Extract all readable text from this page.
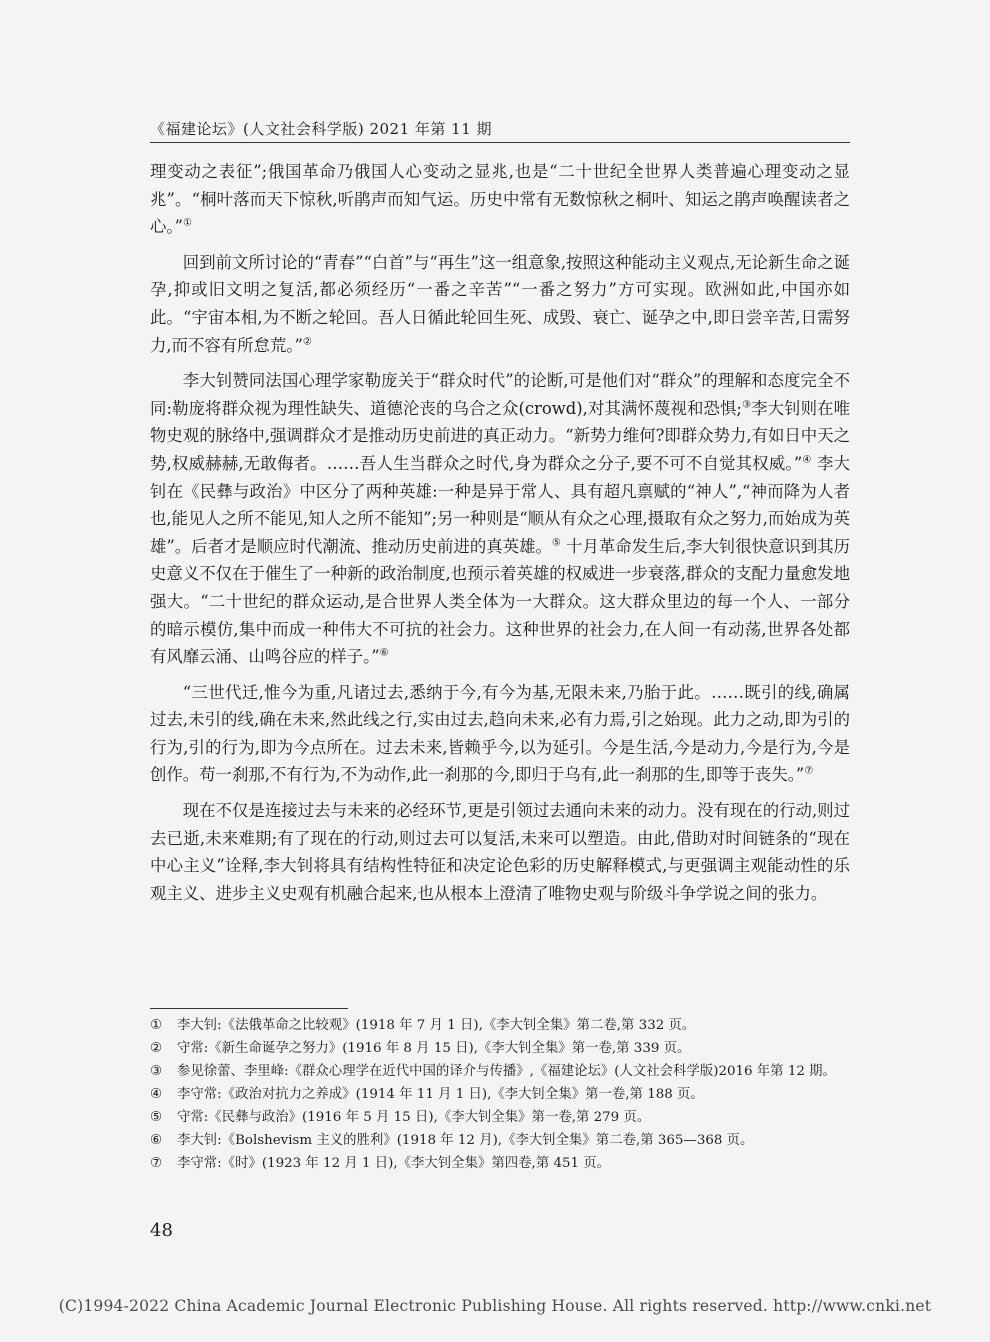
《福建论坛》(人文社会科学版) 2021 年第 11 期

理变动之表征”;俄国革命乃俄国人心变动之显兆,也是“二十世纪全世界人类普遍心理变动之显兆”。“桐叶落而天下惊秋,听鹃声而知气运。历史中常有无数惊秋之桐叶、知运之鹃声唤醒读者之心。”①

回到前文所讨论的“青春”“白首”与“再生”这一组意象,按照这种能动主义观点,无论新生命之诞孕,抑或旧文明之复活,都必须经历“一番之辛苦”“一番之努力”方可实现。欧洲如此,中国亦如此。“宇宙本相,为不断之轮回。吾人日循此轮回生死、成毁、衰亡、诞孕之中,即日尝辛苦,日需努力,而不容有所怠荒。”②

李大钊赞同法国心理学家勒庞关于“群众时代”的论断,可是他们对“群众”的理解和态度完全不同:勒庞将群众视为理性缺失、道德沦丧的乌合之众(crowd),对其满怀蔑视和恐惧;③李大钊则在唯物史观的脉络中,强调群众才是推动历史前进的真正动力。“新势力维何?即群众势力,有如日中天之势,权威赫赫,无敢侮者。……吾人生当群众之时代,身为群众之分子,要不可不自觉其权威。”④ 李大钊在《民彝与政治》中区分了两种英雄:一种是异于常人、具有超凡禀赋的“神人”,“神而降为人者也,能见人之所不能见,知人之所不能知”;另一种则是“顺从有众之心理,摄取有众之努力,而始成为英雄”。后者才是顺应时代潮流、推动历史前进的真英雄。⑤ 十月革命发生后,李大钊很快意识到其历史意义不仅在于催生了一种新的政治制度,也预示着英雄的权威进一步衰落,群众的支配力量愈发地强大。“二十世纪的群众运动,是合世界人类全体为一大群众。这大群众里边的每一个人、一部分的暗示模仿,集中而成一种伟大不可抗的社会力。这种世界的社会力,在人间一有动荡,世界各处都有风靡云涌、山鸣谷应的样子。”⑥

“三世代迁,惟今为重,凡诸过去,悉纳于今,有今为基,无限未来,乃胎于此。……既引的线,确属过去,未引的线,确在未来,然此线之行,实由过去,趋向未来,必有力焉,引之始现。此力之动,即为引的行为,引的行为,即为今点所在。过去未来,皆赖乎今,以为延引。今是生活,今是动力,今是行为,今是创作。苟一刹那,不有行为,不为动作,此一刹那的今,即归于乌有,此一刹那的生,即等于丧失。”⑦

现在不仅是连接过去与未来的必经环节,更是引领过去通向未来的动力。没有现在的行动,则过去已逝,未来难期;有了现在的行动,则过去可以复活,未来可以塑造。由此,借助对时间链条的“现在中心主义”诠释,李大钊将具有结构性特征和决定论色彩的历史解释模式,与更强调主观能动性的乐观主义、进步主义史观有机融合起来,也从根本上澄清了唯物史观与阶级斗争学说之间的张力。

① 李大钊:《法俄革命之比较观》(1918 年 7 月 1 日),《李大钊全集》第二卷,第 332 页。

② 守常:《新生命诞孕之努力》(1916 年 8 月 15 日),《李大钊全集》第一卷,第 339 页。

③ 参见徐蕾、李里峰:《群众心理学在近代中国的译介与传播》,《福建论坛》(人文社会科学版)2016 年第 12 期。

④ 李守常:《政治对抗力之养成》(1914 年 11 月 1 日),《李大钊全集》第一卷,第 188 页。

⑤ 守常:《民彝与政治》(1916 年 5 月 15 日),《李大钊全集》第一卷,第 279 页。

⑥ 李大钊:《Bolshevism 主义的胜利》(1918 年 12 月),《李大钊全集》第二卷,第 365—368 页。

⑦ 李守常:《时》(1923 年 12 月 1 日),《李大钊全集》第四卷,第 451 页。

48
(C)1994-2022 China Academic Journal Electronic Publishing House. All rights reserved. http://www.cnki.net
